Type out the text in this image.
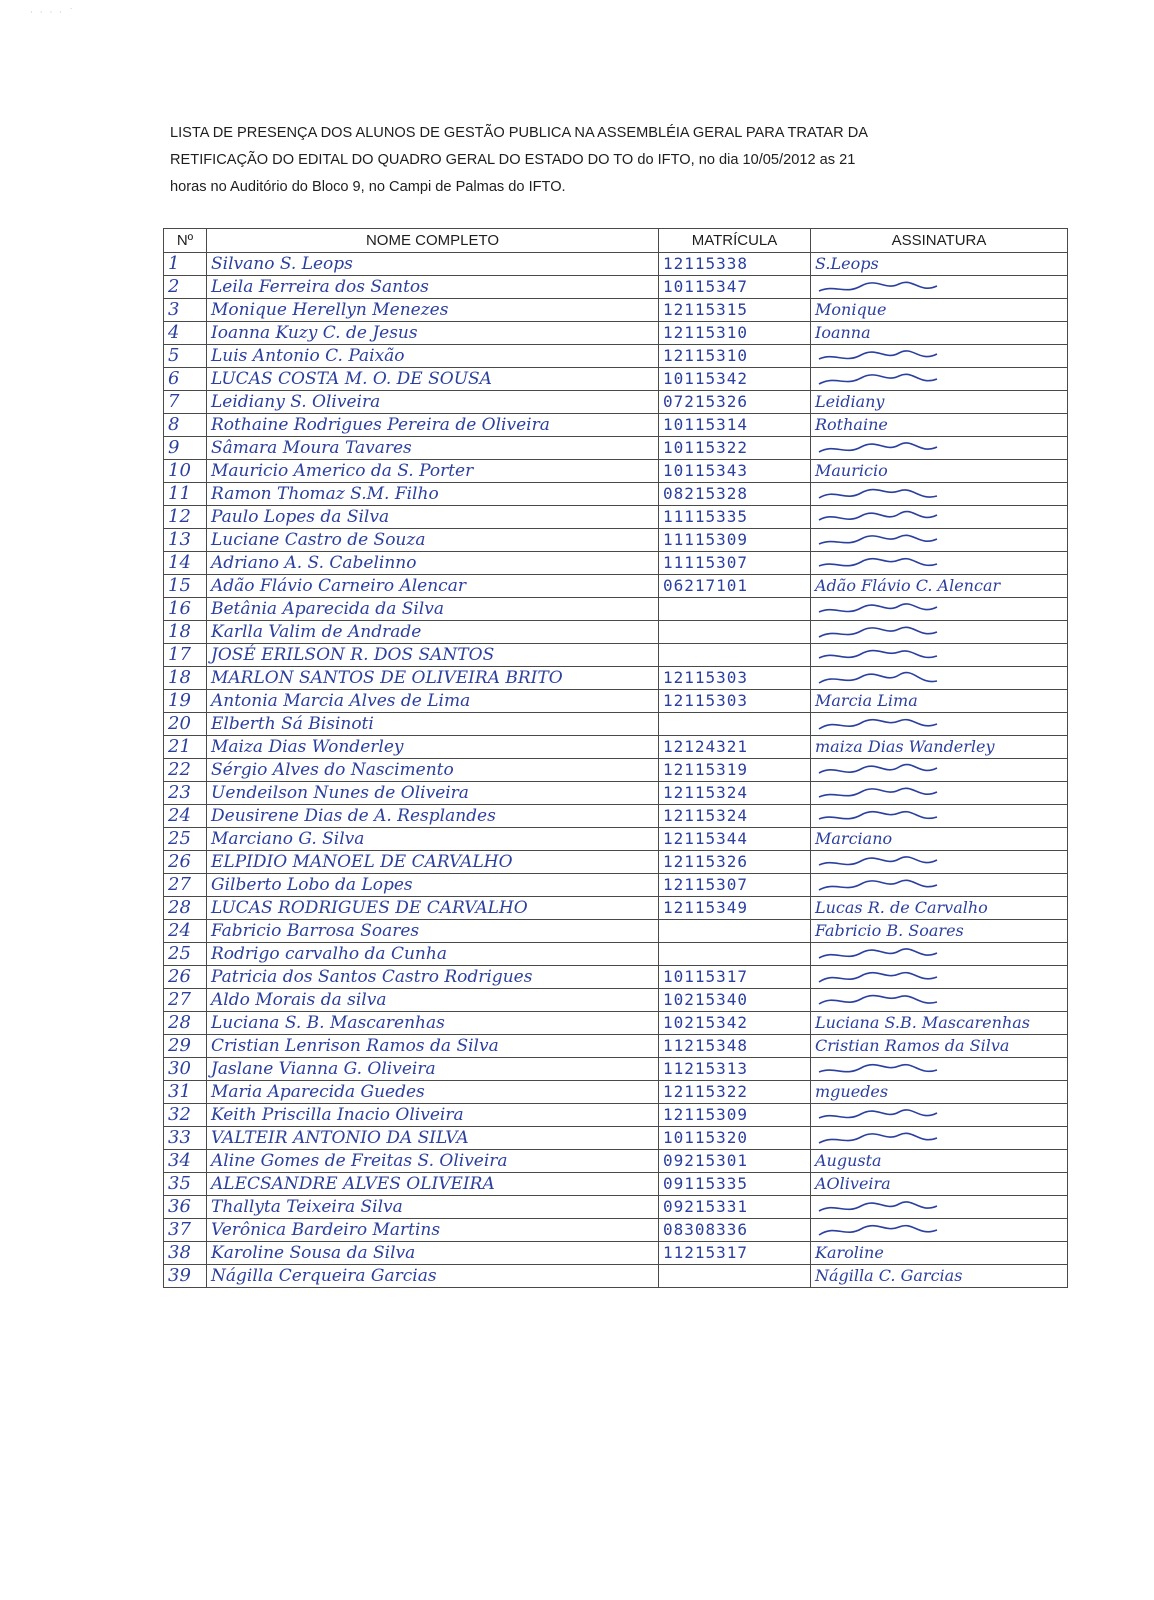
· · · · ˙
LISTA DE PRESENÇA DOS ALUNOS DE GESTÃO PUBLICA NA ASSEMBLÉIA GERAL PARA TRATAR DA
RETIFICAÇÃO DO EDITAL DO QUADRO GERAL DO ESTADO DO TO do IFTO, no dia 10/05/2012 as 21
horas no Auditório do Bloco 9, no Campi de Palmas do IFTO.
Nº	NOME COMPLETO	MATRÍCULA	ASSINATURA
1	Silvano S. Leops	12115338	S.Leops
2	Leila Ferreira dos Santos	10115347	

3	Monique Herellyn Menezes	12115315	Monique
4	Ioanna Kuzy C. de Jesus	12115310	Ioanna
5	Luis Antonio C. Paixão	12115310	

6	LUCAS COSTA M. O. DE SOUSA	10115342	

7	Leidiany S. Oliveira	07215326	Leidiany
8	Rothaine Rodrigues Pereira de Oliveira	10115314	Rothaine
9	Sâmara Moura Tavares	10115322	

10	Mauricio Americo da S. Porter	10115343	Mauricio
11	Ramon Thomaz S.M. Filho	08215328	

12	Paulo Lopes da Silva	11115335	

13	Luciane Castro de Souza	11115309	

14	Adriano A. S. Cabelinno	11115307	

15	Adão Flávio Carneiro Alencar	06217101	Adão Flávio C. Alencar
16	Betânia Aparecida da Silva		

18	Karlla Valim de Andrade		

17	JOSÉ ERILSON R. DOS SANTOS		

18	MARLON SANTOS DE OLIVEIRA BRITO	12115303	

19	Antonia Marcia Alves de Lima	12115303	Marcia Lima
20	Elberth Sá Bisinoti		

21	Maiza Dias Wonderley	12124321	maiza Dias Wanderley
22	Sérgio Alves do Nascimento	12115319	

23	Uendeilson Nunes de Oliveira	12115324	

24	Deusirene Dias de A. Resplandes	12115324	

25	Marciano G. Silva	12115344	Marciano
26	ELPIDIO MANOEL DE CARVALHO	12115326	

27	Gilberto Lobo da Lopes	12115307	

28	LUCAS RODRIGUES DE CARVALHO	12115349	Lucas R. de Carvalho
24	Fabricio Barrosa Soares		Fabricio B. Soares
25	Rodrigo carvalho da Cunha		

26	Patricia dos Santos Castro Rodrigues	10115317	

27	Aldo Morais da silva	10215340	

28	Luciana S. B. Mascarenhas	10215342	Luciana S.B. Mascarenhas
29	Cristian Lenrison Ramos da Silva	11215348	Cristian Ramos da Silva
30	Jaslane Vianna G. Oliveira	11215313	

31	Maria Aparecida Guedes	12115322	mguedes
32	Keith Priscilla Inacio Oliveira	12115309	

33	VALTEIR ANTONIO DA SILVA	10115320	

34	Aline Gomes de Freitas S. Oliveira	09215301	Augusta
35	ALECSANDRE ALVES OLIVEIRA	09115335	AOliveira
36	Thallyta Teixeira Silva	09215331	

37	Verônica Bardeiro Martins	08308336	

38	Karoline Sousa da Silva	11215317	Karoline
39	Nágilla Cerqueira Garcias		Nágilla C. Garcias
